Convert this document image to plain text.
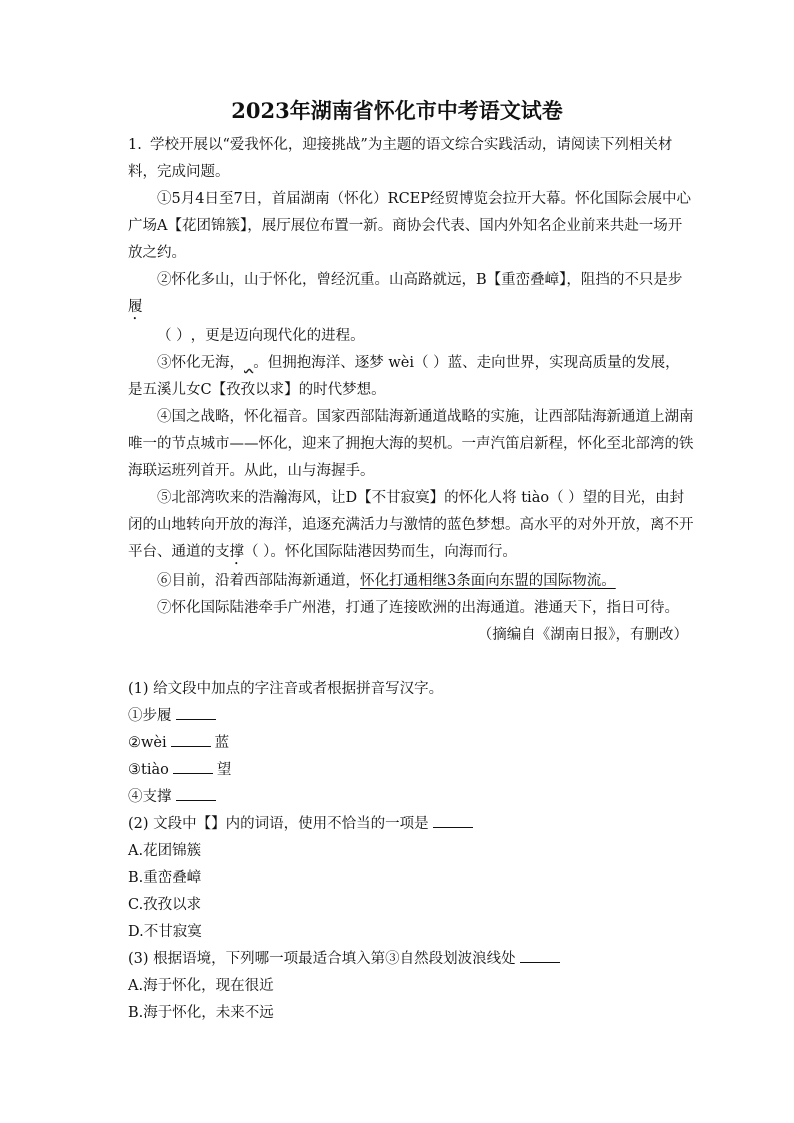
2023年湖南省怀化市中考语文试卷

1. 学校开展以“爱我怀化，迎接挑战”为主题的语文综合实践活动，请阅读下列相关材料，完成问题。

①5月4日至7日，首届湖南（怀化）RCEP经贸博览会拉开大幕。怀化国际会展中心广场A【花团锦簇】，展厅展位布置一新。商协会代表、国内外知名企业前来共赴一场开放之约。

②怀化多山，山于怀化，曾经沉重。山高路就远，B【重峦叠嶂】，阻挡的不只是步履
（ ），更是迈向现代化的进程。

③怀化无海， 。但拥抱海洋、逐梦 wèi（ ）蓝、走向世界，实现高质量的发展，是五溪儿女C【孜孜以求】的时代梦想。

④国之战略，怀化福音。国家西部陆海新通道战略的实施，让西部陆海新通道上湖南唯一的节点城市——怀化，迎来了拥抱大海的契机。一声汽笛启新程，怀化至北部湾的铁海联运班列首开。从此，山与海握手。

⑤北部湾吹来的浩瀚海风，让D【不甘寂寞】的怀化人将 tiào（ ）望的目光，由封闭的山地转向开放的海洋，追逐充满活力与激情的蓝色梦想。高水平的对外开放，离不开平台、通道的支撑（ ）。怀化国际陆港因势而生，向海而行。

⑥目前，沿着西部陆海新通道，怀化打通相继3条面向东盟的国际物流。

⑦怀化国际陆港牵手广州港，打通了连接欧洲的出海通道。港通天下，指日可待。

（摘编自《湖南日报》，有删改）

(1) 给文段中加点的字注音或者根据拼音写汉字。

①步履

②wèi	蓝

③tiào	望

④支撑

(2) 文段中【】内的词语，使用不恰当的一项是

A.花团锦簇

B.重峦叠嶂

C.孜孜以求

D.不甘寂寞

(3) 根据语境，下列哪一项最适合填入第③自然段划波浪线处

A.海于怀化，现在很近

B.海于怀化，未来不远
